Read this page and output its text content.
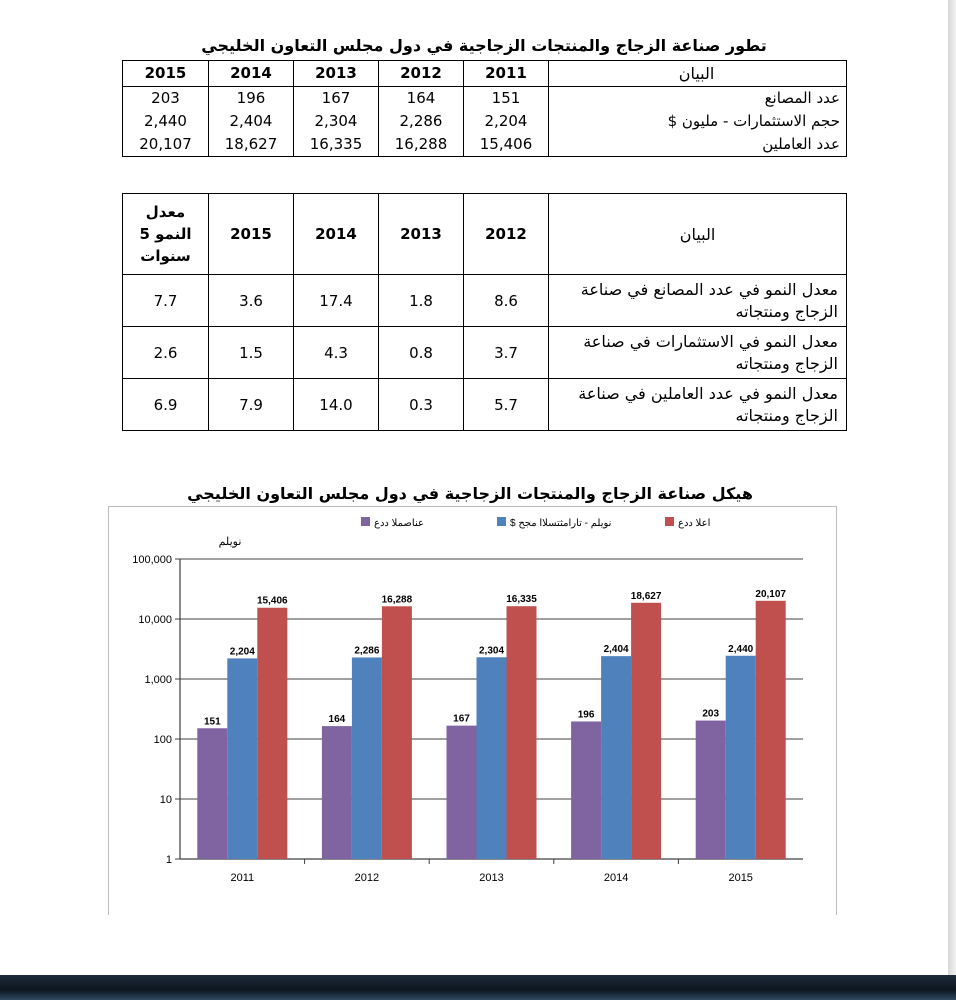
تطور صناعة الزجاج والمنتجات الزجاجية في دول مجلس التعاون الخليجي
2015	2014	2013	2012	2011	البيان
203	196	167	164	151	عدد المصانع
2,440	2,404	2,304	2,286	2,204	حجم الاستثمارات - مليون $
20,107	18,627	16,335	16,288	15,406	عدد العاملين
معدل النمو 5 سنوات	2015	2014	2013	2012	البيان
7.7	3.6	17.4	1.8	8.6	معدل النمو في عدد المصانع في صناعة الزجاج ومنتجاته
2.6	1.5	4.3	0.8	3.7	معدل النمو في الاستثمارات في صناعة الزجاج ومنتجاته
6.9	7.9	14.0	0.3	5.7	معدل النمو في عدد العاملين في صناعة الزجاج ومنتجاته
هيكل صناعة الزجاج والمنتجات الزجاجية في دول مجلس التعاون الخليجي
1
10
100
1,000
10,000
100,000
نويلم
151
2,204
15,406
2011
164
2,286
16,288
2012
167
2,304
16,335
2013
196
2,404
18,627
2014
203
2,440
20,107
2015
عناصملا ددع	$ نويلم - تارامثتسلاا مجح	اعلا ددع
